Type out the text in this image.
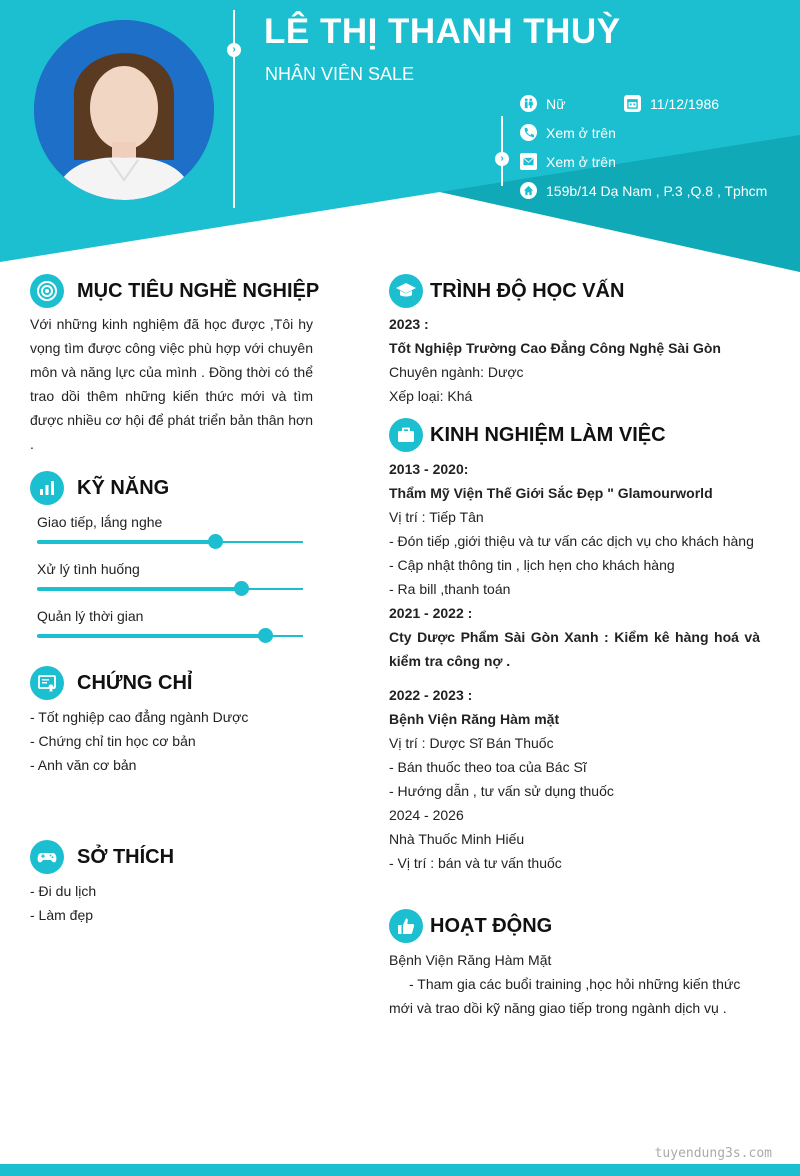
›
›
LÊ THỊ THANH THUỲ
NHÂN VIÊN SALE
Nữ	11/12/1986
Xem ở trên
Xem ở trên
159b/14 Dạ Nam , P.3 ,Q.8 , Tphcm
MỤC TIÊU NGHỀ NGHIỆP
Với những kinh nghiệm đã học được ,Tôi hy vọng tìm được công việc phù hợp với chuyên môn và năng lực của mình . Đồng thời có thể trao dồi thêm những kiến thức mới và tìm được nhiều cơ hội để phát triển bản thân hơn .
KỸ NĂNG
Giao tiếp, lắng nghe
Xử lý tình huống
Quản lý thời gian
CHỨNG CHỈ
- Tốt nghiệp cao đẳng ngành Dược
- Chứng chỉ tin học cơ bản
- Anh văn cơ bản
SỞ THÍCH
- Đi du lịch
- Làm đẹp
TRÌNH ĐỘ HỌC VẤN
2023 :
Tốt Nghiệp Trường Cao Đẳng Công Nghệ Sài Gòn
Chuyên ngành: Dược
Xếp loại: Khá
KINH NGHIỆM LÀM VIỆC
2013 - 2020:
Thẩm Mỹ Viện Thế Giới Sắc Đẹp " Glamourworld
Vị trí : Tiếp Tân
- Đón tiếp ,giới thiệu và tư vấn các dịch vụ cho khách hàng
- Cập nhật thông tin , lịch hẹn cho khách hàng
- Ra bill ,thanh toán
2021 - 2022 :
Cty Dược Phẩm Sài Gòn Xanh : Kiểm kê hàng hoá và kiểm tra công nợ .
2022 - 2023 :
Bệnh Viện Răng Hàm mặt
Vị trí : Dược Sĩ Bán Thuốc
- Bán thuốc theo toa của Bác Sĩ
- Hướng dẫn , tư vấn sử dụng thuốc
2024 - 2026
Nhà Thuốc Minh Hiếu
- Vị trí : bán và tư vấn thuốc
HOẠT ĐỘNG
Bệnh Viện Răng Hàm Mặt
- Tham gia các buổi training ,học hỏi những kiến thức mới và trao dồi kỹ năng giao tiếp trong ngành dịch vụ .
tuyendung3s.com
